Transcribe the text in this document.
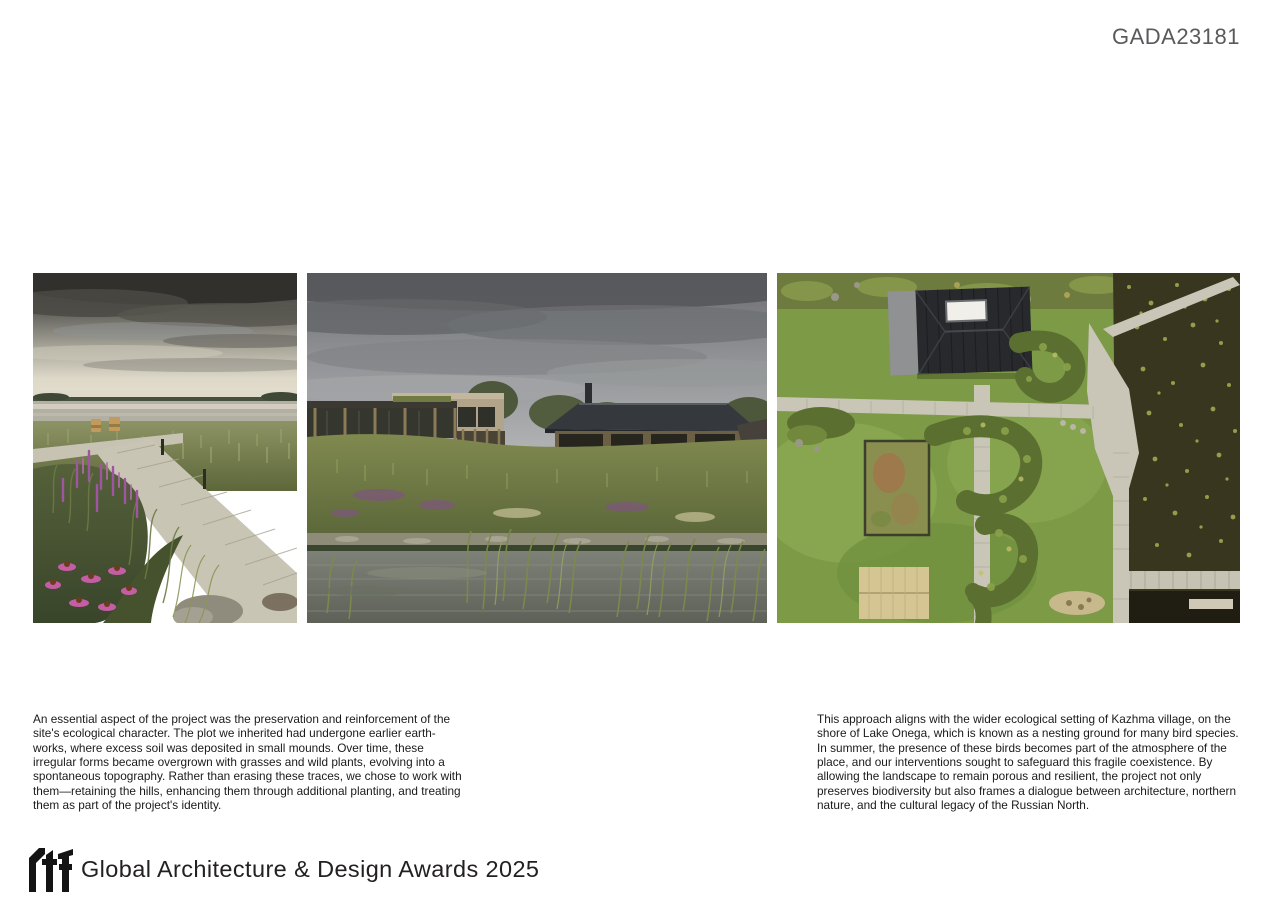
GADA23181

An essential aspect of the project was the preservation and reinforcement of the site's ecological character. The plot we inherited had undergone earlier earth-works, where excess soil was deposited in small mounds. Over time, these irregular forms became overgrown with grasses and wild plants, evolving into a spontaneous topography. Rather than erasing these traces, we chose to work with them—retaining the hills, enhancing them through additional planting, and treating them as part of the project's identity.

This approach aligns with the wider ecological setting of Kazhma village, on the shore of Lake Onega, which is known as a nesting ground for many bird species. In summer, the presence of these birds becomes part of the atmosphere of the place, and our interventions sought to safeguard this fragile coexistence. By allowing the landscape to remain porous and resilient, the project not only preserves biodiversity but also frames a dialogue between architecture, northern nature, and the cultural legacy of the Russian North.

Global Architecture & Design Awards 2025
